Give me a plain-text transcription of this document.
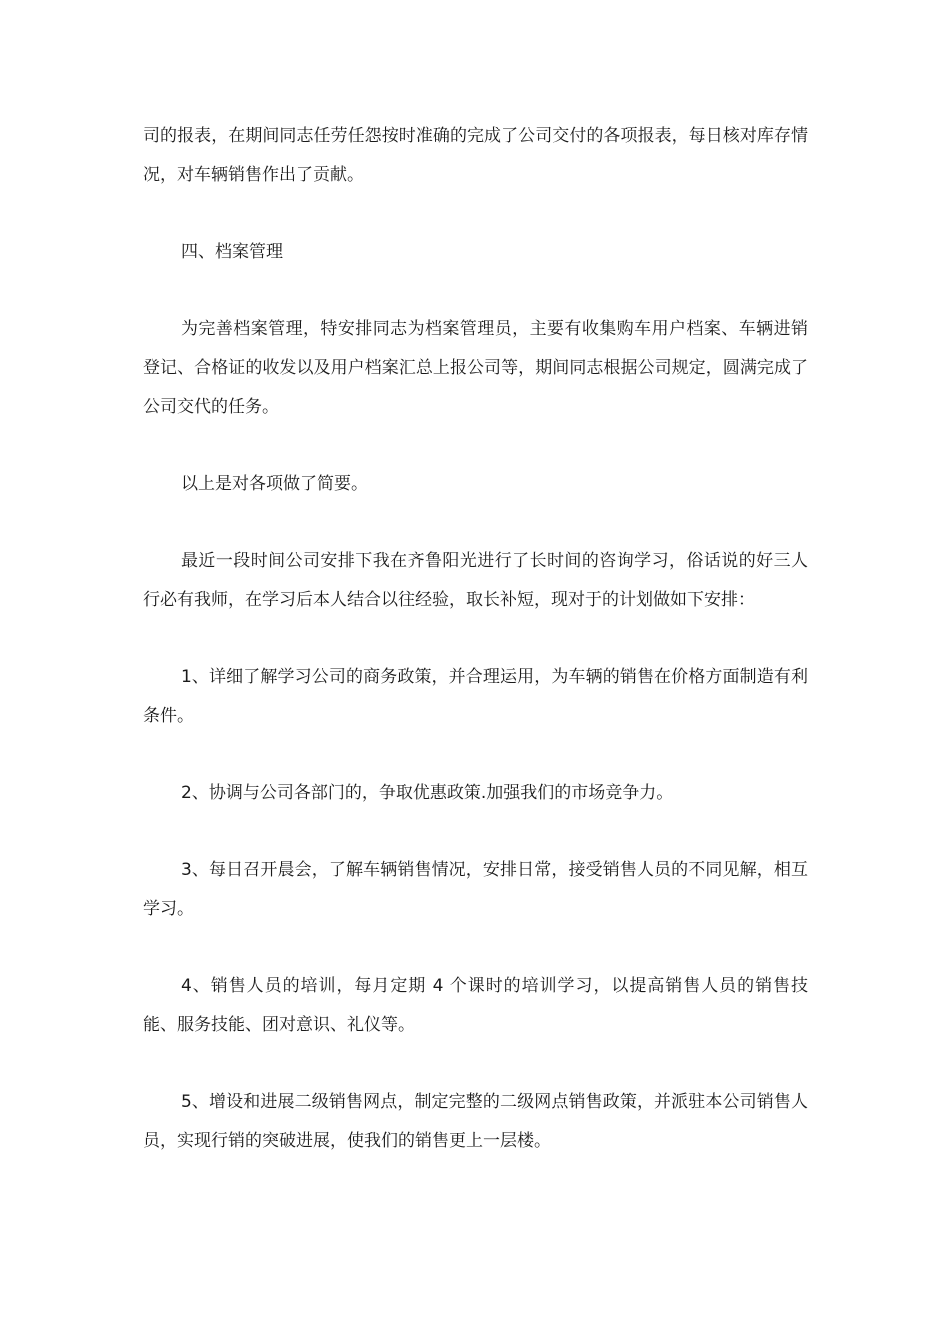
司的报表，在期间同志任劳任怨按时准确的完成了公司交付的各项报表，每日核对库存情况，对车辆销售作出了贡献。

四、档案管理

为完善档案管理，特安排同志为档案管理员，主要有收集购车用户档案、车辆进销登记、合格证的收发以及用户档案汇总上报公司等，期间同志根据公司规定，圆满完成了公司交代的任务。

以上是对各项做了简要。

最近一段时间公司安排下我在齐鲁阳光进行了长时间的咨询学习，俗话说的好三人行必有我师，在学习后本人结合以往经验，取长补短，现对于的计划做如下安排：

1、详细了解学习公司的商务政策，并合理运用，为车辆的销售在价格方面制造有利条件。

2、协调与公司各部门的，争取优惠政策.加强我们的市场竞争力。

3、每日召开晨会，了解车辆销售情况，安排日常，接受销售人员的不同见解，相互学习。

4、销售人员的培训，每月定期 4 个课时的培训学习，以提高销售人员的销售技能、服务技能、团对意识、礼仪等。

5、增设和进展二级销售网点，制定完整的二级网点销售政策，并派驻本公司销售人员，实现行销的突破进展，使我们的销售更上一层楼。
